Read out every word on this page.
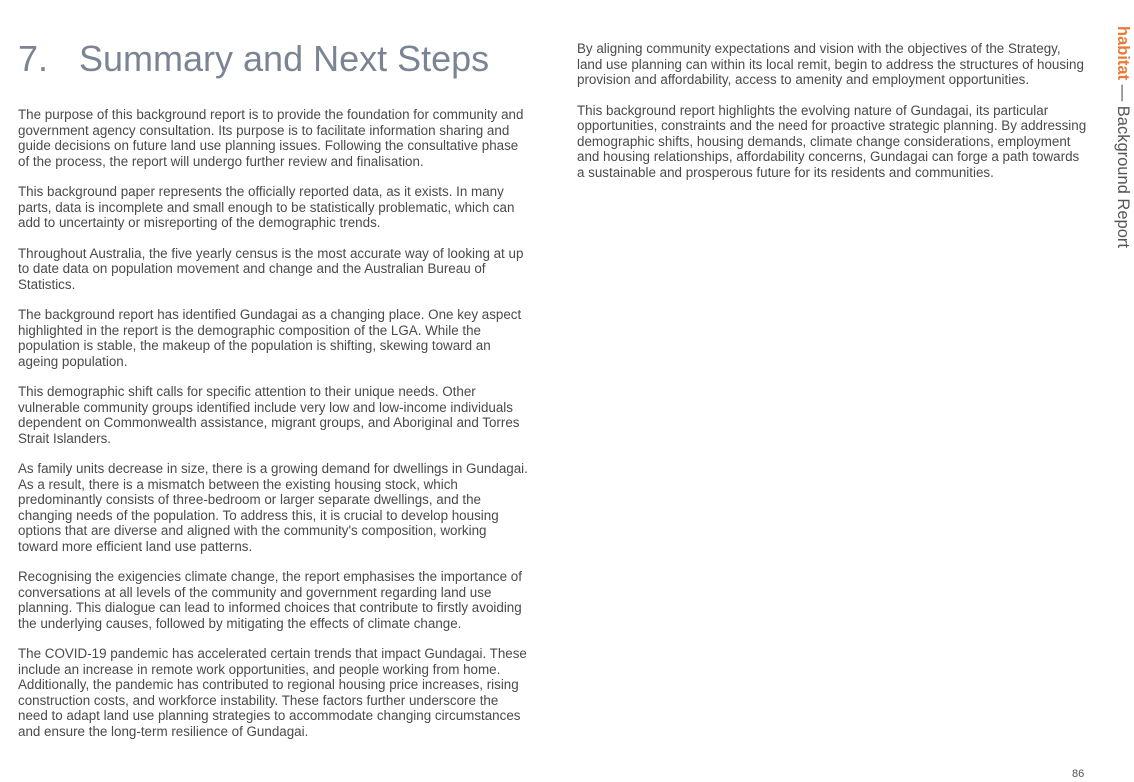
7. Summary and Next Steps

The purpose of this background report is to provide the foundation for community and government agency consultation. Its purpose is to facilitate information sharing and guide decisions on future land use planning issues. Following the consultative phase of the process, the report will undergo further review and finalisation.

This background paper represents the officially reported data, as it exists. In many parts, data is incomplete and small enough to be statistically problematic, which can add to uncertainty or misreporting of the demographic trends.

Throughout Australia, the five yearly census is the most accurate way of looking at up to date data on population movement and change and the Australian Bureau of Statistics.

The background report has identified Gundagai as a changing place. One key aspect highlighted in the report is the demographic composition of the LGA. While the population is stable, the makeup of the population is shifting, skewing toward an ageing population.

This demographic shift calls for specific attention to their unique needs. Other vulnerable community groups identified include very low and low-income individuals dependent on Commonwealth assistance, migrant groups, and Aboriginal and Torres Strait Islanders.

As family units decrease in size, there is a growing demand for dwellings in Gundagai. As a result, there is a mismatch between the existing housing stock, which predominantly consists of three-bedroom or larger separate dwellings, and the changing needs of the population. To address this, it is crucial to develop housing options that are diverse and aligned with the community's composition, working toward more efficient land use patterns.

Recognising the exigencies climate change, the report emphasises the importance of conversations at all levels of the community and government regarding land use planning. This dialogue can lead to informed choices that contribute to firstly avoiding the underlying causes, followed by mitigating the effects of climate change.

The COVID-19 pandemic has accelerated certain trends that impact Gundagai. These include an increase in remote work opportunities, and people working from home. Additionally, the pandemic has contributed to regional housing price increases, rising construction costs, and workforce instability. These factors further underscore the need to adapt land use planning strategies to accommodate changing circumstances and ensure the long-term resilience of Gundagai.

By aligning community expectations and vision with the objectives of the Strategy, land use planning can within its local remit, begin to address the structures of housing provision and affordability, access to amenity and employment opportunities.

This background report highlights the evolving nature of Gundagai, its particular opportunities, constraints and the need for proactive strategic planning. By addressing demographic shifts, housing demands, climate change considerations, employment and housing relationships, affordability concerns, Gundagai can forge a path towards a sustainable and prosperous future for its residents and communities.

habitat — Background Report
86
